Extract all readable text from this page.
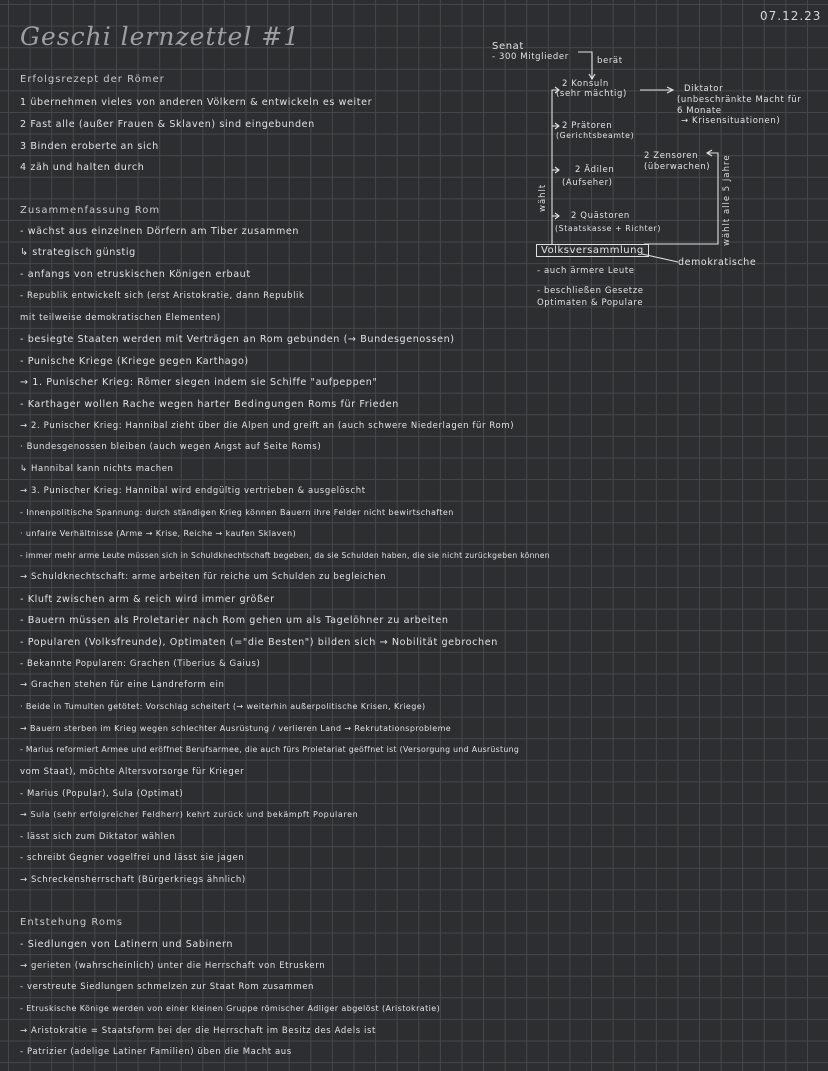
Geschi lernzettel #1
07.12.23
Erfolgsrezept der Römer
1 übernehmen vieles von anderen Völkern & entwickeln es weiter
2 Fast alle (außer Frauen & Sklaven) sind eingebunden
3 Binden eroberte an sich
4 zäh und halten durch
Zusammenfassung Rom
- wächst aus einzelnen Dörfern am Tiber zusammen
↳ strategisch günstig
- anfangs von etruskischen Königen erbaut
- Republik entwickelt sich (erst Aristokratie, dann Republik
mit teilweise demokratischen Elementen)
- besiegte Staaten werden mit Verträgen an Rom gebunden (→ Bundesgenossen)
- Punische Kriege (Kriege gegen Karthago)
→ 1. Punischer Krieg: Römer siegen indem sie Schiffe "aufpeppen"
- Karthager wollen Rache wegen harter Bedingungen Roms für Frieden
→ 2. Punischer Krieg: Hannibal zieht über die Alpen und greift an (auch schwere Niederlagen für Rom)
· Bundesgenossen bleiben (auch wegen Angst auf Seite Roms)
↳ Hannibal kann nichts machen
→ 3. Punischer Krieg: Hannibal wird endgültig vertrieben & ausgelöscht
- Innenpolitische Spannung: durch ständigen Krieg können Bauern ihre Felder nicht bewirtschaften
· unfaire Verhältnisse (Arme → Krise, Reiche → kaufen Sklaven)
- immer mehr arme Leute müssen sich in Schuldknechtschaft begeben, da sie Schulden haben, die sie nicht zurückgeben können
→ Schuldknechtschaft: arme arbeiten für reiche um Schulden zu begleichen
- Kluft zwischen arm & reich wird immer größer
- Bauern müssen als Proletarier nach Rom gehen um als Tagelöhner zu arbeiten
- Popularen (Volksfreunde), Optimaten (="die Besten") bilden sich → Nobilität gebrochen
- Bekannte Popularen: Grachen (Tiberius & Gaius)
→ Grachen stehen für eine Landreform ein
· Beide in Tumulten getötet: Vorschlag scheitert (→ weiterhin außerpolitische Krisen, Kriege)
→ Bauern sterben im Krieg wegen schlechter Ausrüstung / verlieren Land → Rekrutationsprobleme
- Marius reformiert Armee und eröffnet Berufsarmee, die auch fürs Proletariat geöffnet ist (Versorgung und Ausrüstung
vom Staat), möchte Altersvorsorge für Krieger
- Marius (Popular), Sula (Optimat)
→ Sula (sehr erfolgreicher Feldherr) kehrt zurück und bekämpft Popularen
- lässt sich zum Diktator wählen
- schreibt Gegner vogelfrei und lässt sie jagen
→ Schreckensherrschaft (Bürgerkriegs ähnlich)
Entstehung Roms
- Siedlungen von Latinern und Sabinern
→ gerieten (wahrscheinlich) unter die Herrschaft von Etruskern
- verstreute Siedlungen schmelzen zur Staat Rom zusammen
- Etruskische Könige werden von einer kleinen Gruppe römischer Adliger abgelöst (Aristokratie)
→ Aristokratie = Staatsform bei der die Herrschaft im Besitz des Adels ist
- Patrizier (adelige Latiner Familien) üben die Macht aus
Senat
- 300 Mitglieder	berät
2 Konsuln
(sehr mächtig)	Diktator
(unbeschränkte Macht für
6 Monate
→ Krisensituationen)
2 Prätoren
(Gerichtsbeamte)
2 Zensoren
(überwachen)
2 Ädilen
(Aufseher)
2 Quästoren
(Staatskasse + Richter)
wählt	wählt alle 5 Jahre
Volksversammlung
demokratische
- auch ärmere Leute
- beschließen Gesetze
Optimaten & Populare
